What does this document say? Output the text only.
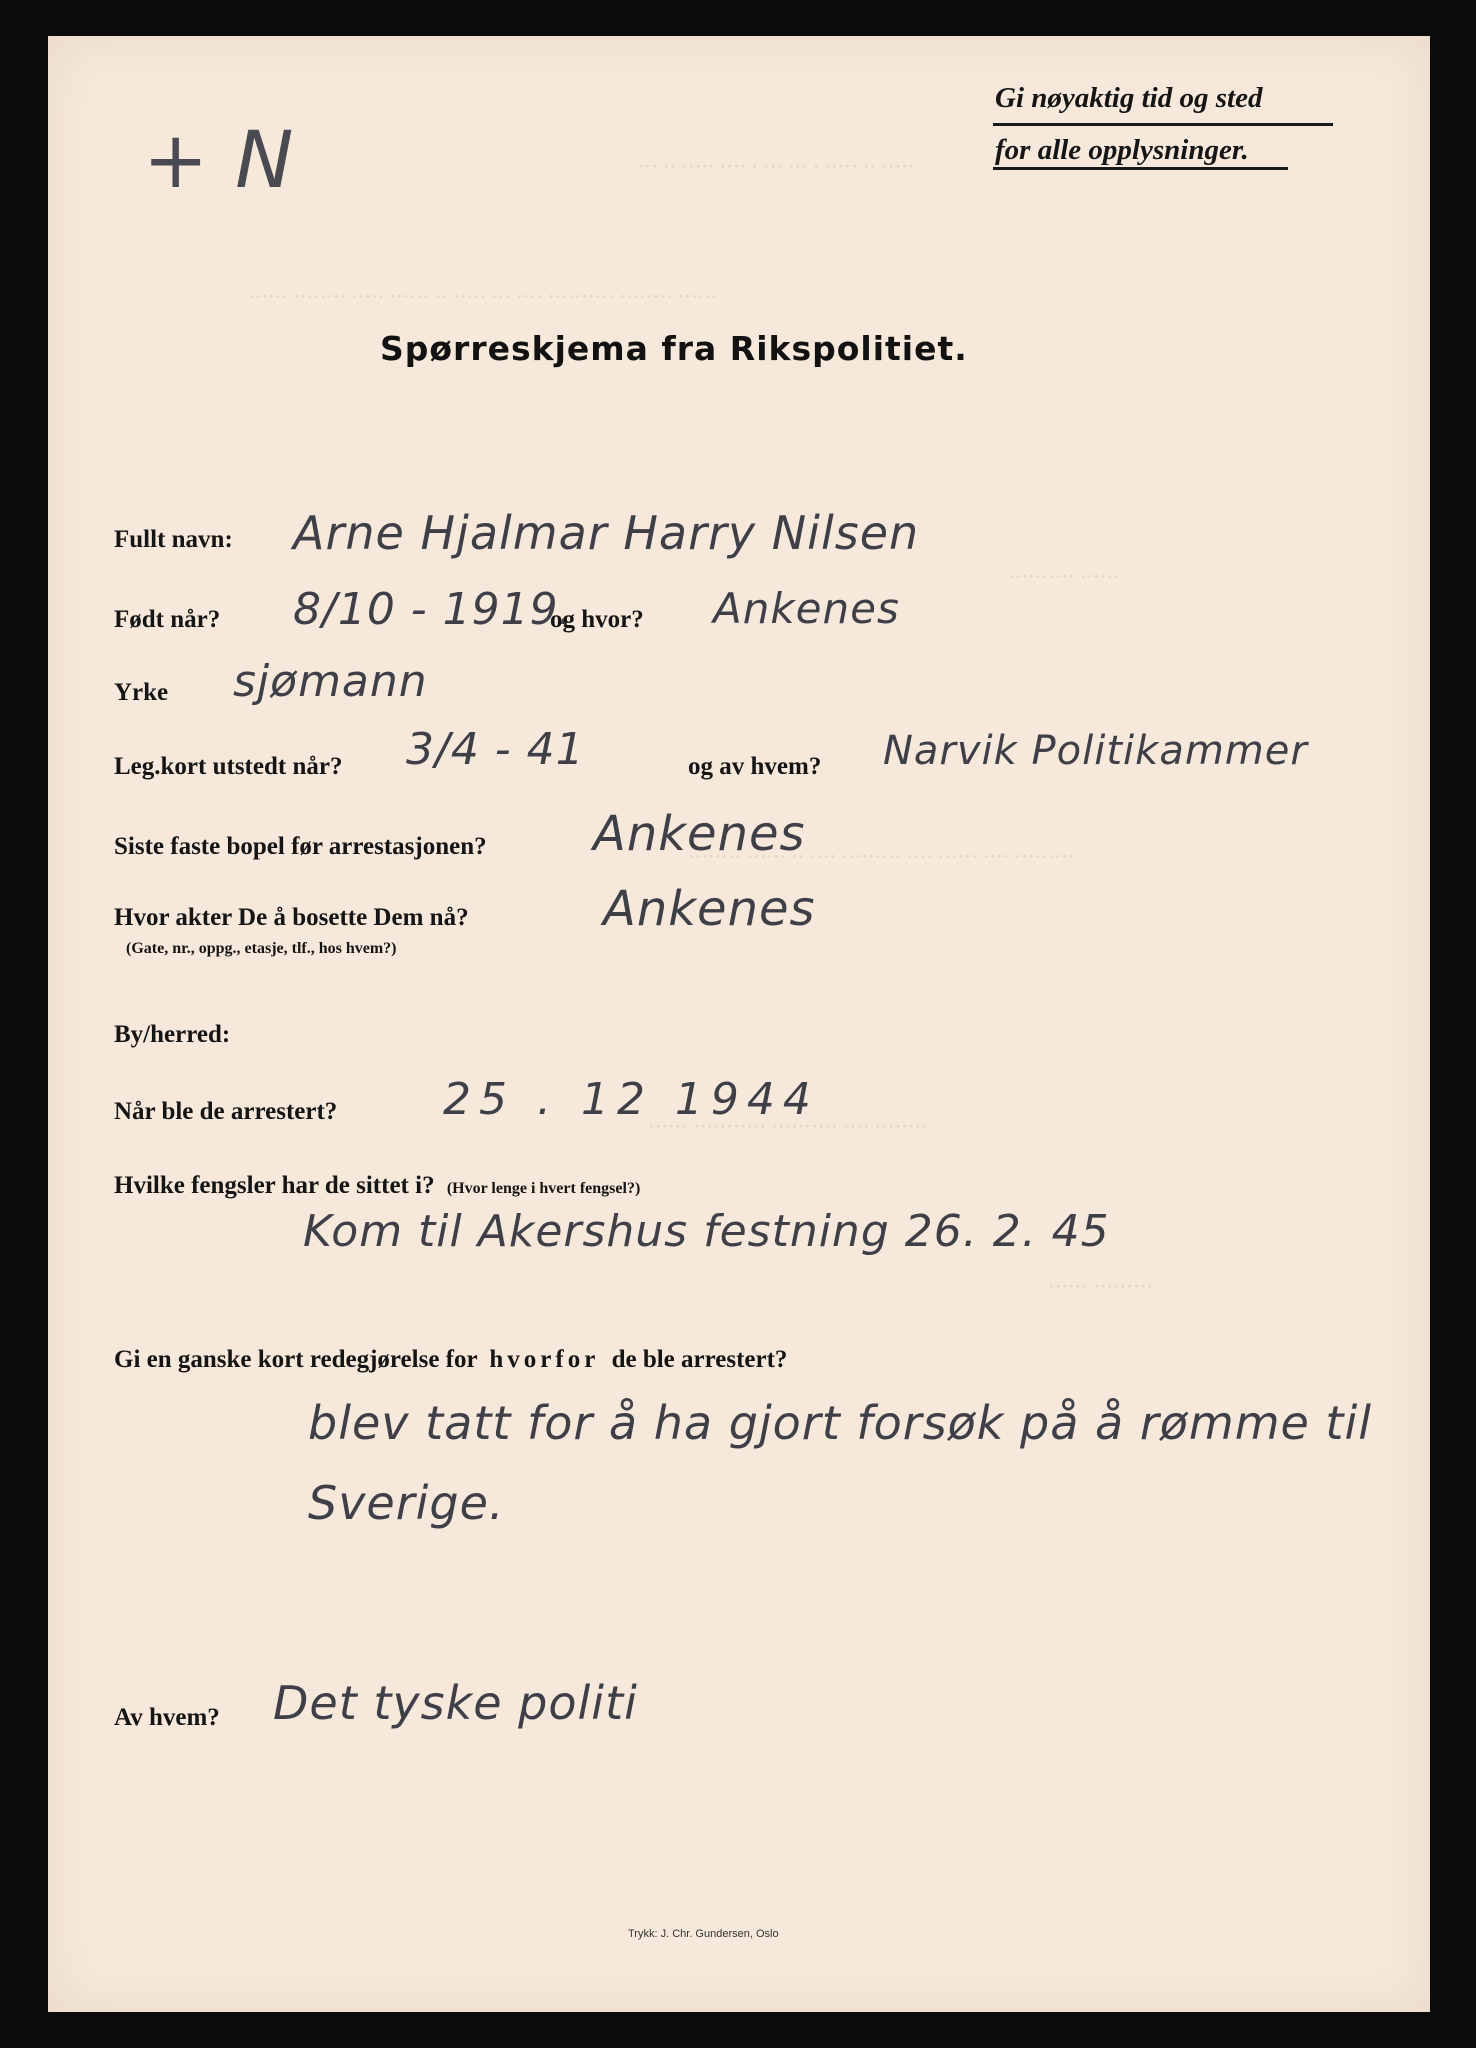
··· ·· ····· ···· · ··· ··· · ····· ·· ·····
······ ········ ····· ······ ·· ····· ··· ···· ·········· ········ ······
·········· ······
········ ······ ·· ···· ········· ···· ······ ···· ·········
······ ··········· ·········· ···· ········
······ ·········
Gi nøyaktig tid og sted
for alle opplysninger.
+ N
Spørreskjema fra Rikspolitiet.
Fullt navn: Arne Hjalmar Harry Nilsen
Født når? 8/10 - 1919.
og hvor? Ankenes
Yrke sjømann
Leg.kort utstedt når? 3/4 - 41	og av hvem? Narvik Politikammer
Siste faste bopel før arrestasjonen? Ankenes
Hvor akter De å bosette Dem nå?
(Gate, nr., oppg., etasje, tlf., hos hvem?)
Ankenes
By/herred:
Når ble de arrestert? 25 . 12 1944
Hvilke fengsler har de sittet i? (Hvor lenge i hvert fengsel?)
Kom til Akershus festning 26. 2. 45
Gi en ganske kort redegjørelse for hvorfor de ble arrestert?
blev tatt for å ha gjort forsøk på å rømme til
Sverige.
Av hvem? Det tyske politi
Trykk: J. Chr. Gundersen, Oslo
